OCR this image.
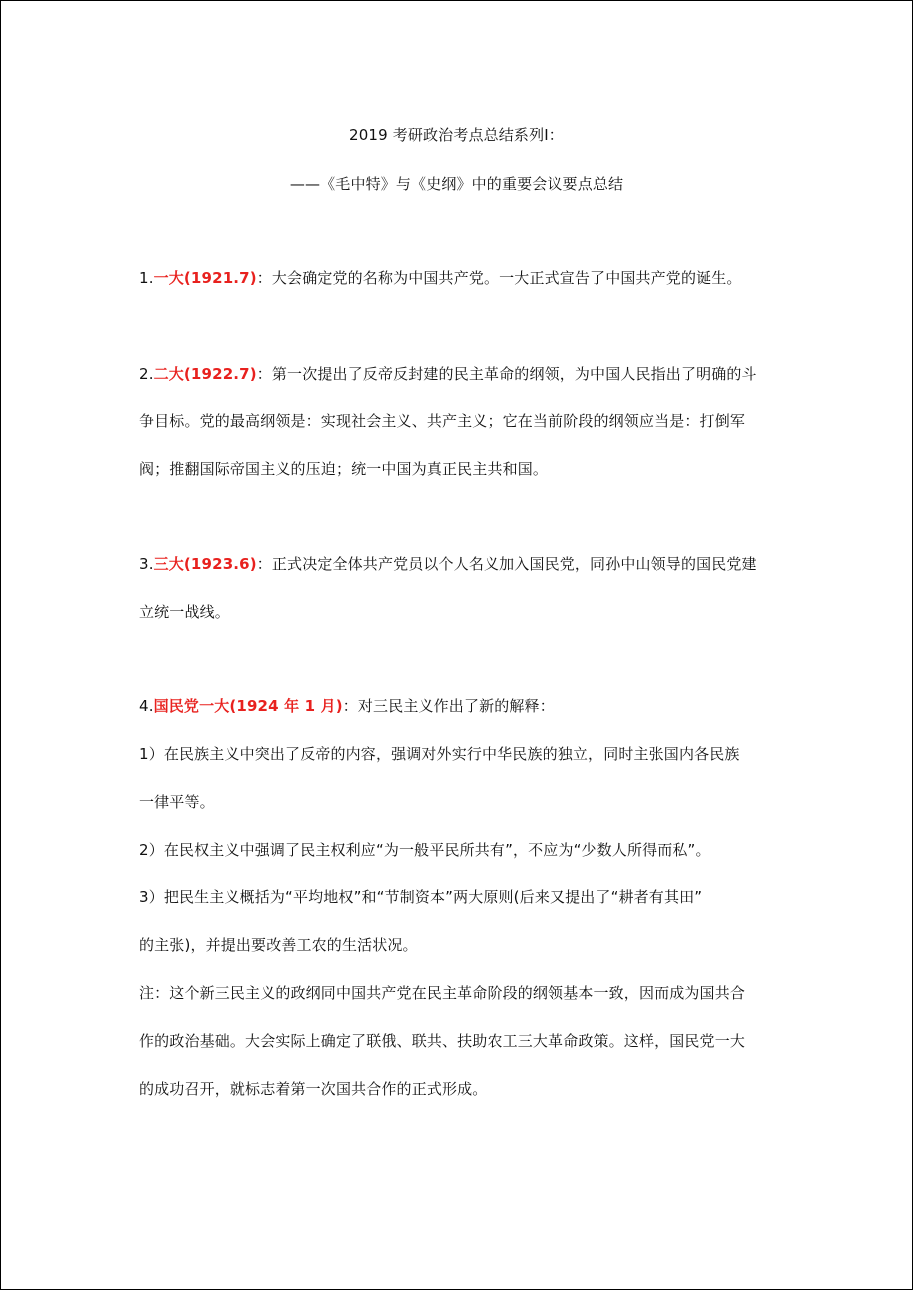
2019 考研政治考点总结系列Ⅰ：
——《毛中特》与《史纲》中的重要会议要点总结
1.一大(1921.7)：大会确定党的名称为中国共产党。一大正式宣告了中国共产党的诞生。
2.二大(1922.7)：第一次提出了反帝反封建的民主革命的纲领，为中国人民指出了明确的斗
争目标。党的最高纲领是：实现社会主义、共产主义；它在当前阶段的纲领应当是：打倒军
阀；推翻国际帝国主义的压迫；统一中国为真正民主共和国。
3.三大(1923.6)：正式决定全体共产党员以个人名义加入国民党，同孙中山领导的国民党建
立统一战线。
4.国民党一大(1924 年 1 月)：对三民主义作出了新的解释：
1）在民族主义中突出了反帝的内容，强调对外实行中华民族的独立，同时主张国内各民族
一律平等。
2）在民权主义中强调了民主权利应“为一般平民所共有”，不应为“少数人所得而私”。
3）把民生主义概括为“平均地权”和“节制资本”两大原则(后来又提出了“耕者有其田”
的主张)，并提出要改善工农的生活状况。
注：这个新三民主义的政纲同中国共产党在民主革命阶段的纲领基本一致，因而成为国共合
作的政治基础。大会实际上确定了联俄、联共、扶助农工三大革命政策。这样，国民党一大
的成功召开，就标志着第一次国共合作的正式形成。
